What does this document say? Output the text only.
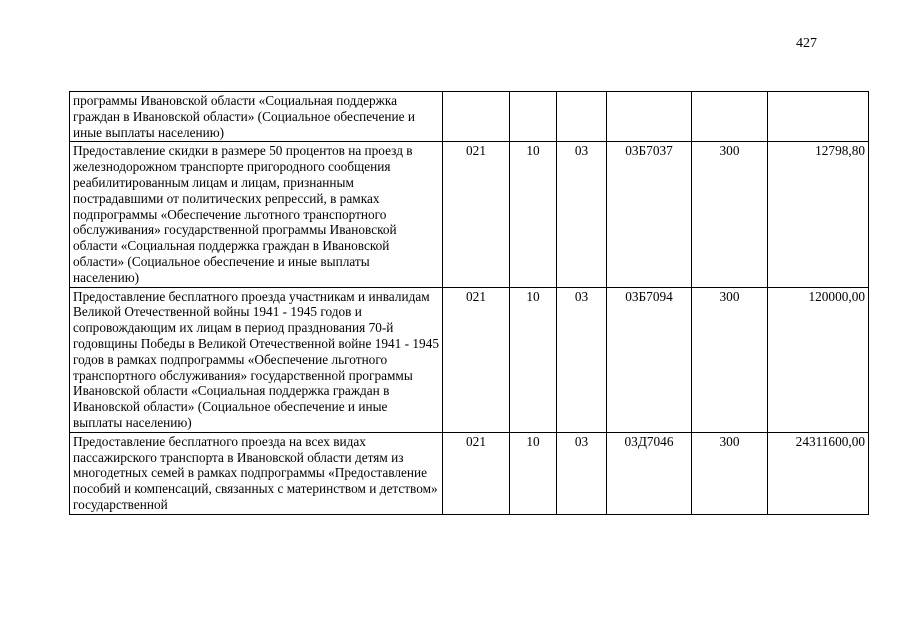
427
программы Ивановской области «Социальная поддержка граждан в Ивановской области» (Социальное обеспечение и иные выплаты населению)						
Предоставление скидки в размере 50 процентов на проезд в железнодорожном транспорте пригородного сообщения реабилитированным лицам и лицам, признанным пострадавшими от политических репрессий, в рамках подпрограммы «Обеспечение льготного транспортного обслуживания» государственной программы Ивановской области «Социальная поддержка граждан в Ивановской области» (Социальное обеспечение и иные выплаты населению)	021	10	03	03Б7037	300	12798,80
Предоставление бесплатного проезда участникам и инвалидам Великой Отечественной войны 1941 - 1945 годов и сопровождающим их лицам в период празднования 70-й годовщины Победы в Великой Отечественной войне 1941 - 1945 годов в рамках подпрограммы «Обеспечение льготного транспортного обслуживания» государственной программы Ивановской области «Социальная поддержка граждан в Ивановской области» (Социальное обеспечение и иные выплаты населению)	021	10	03	03Б7094	300	120000,00
Предоставление бесплатного проезда на всех видах пассажирского транспорта в Ивановской области детям из многодетных семей в рамках подпрограммы «Предоставление пособий и компенсаций, связанных с материнством и детством» государственной	021	10	03	03Д7046	300	24311600,00
